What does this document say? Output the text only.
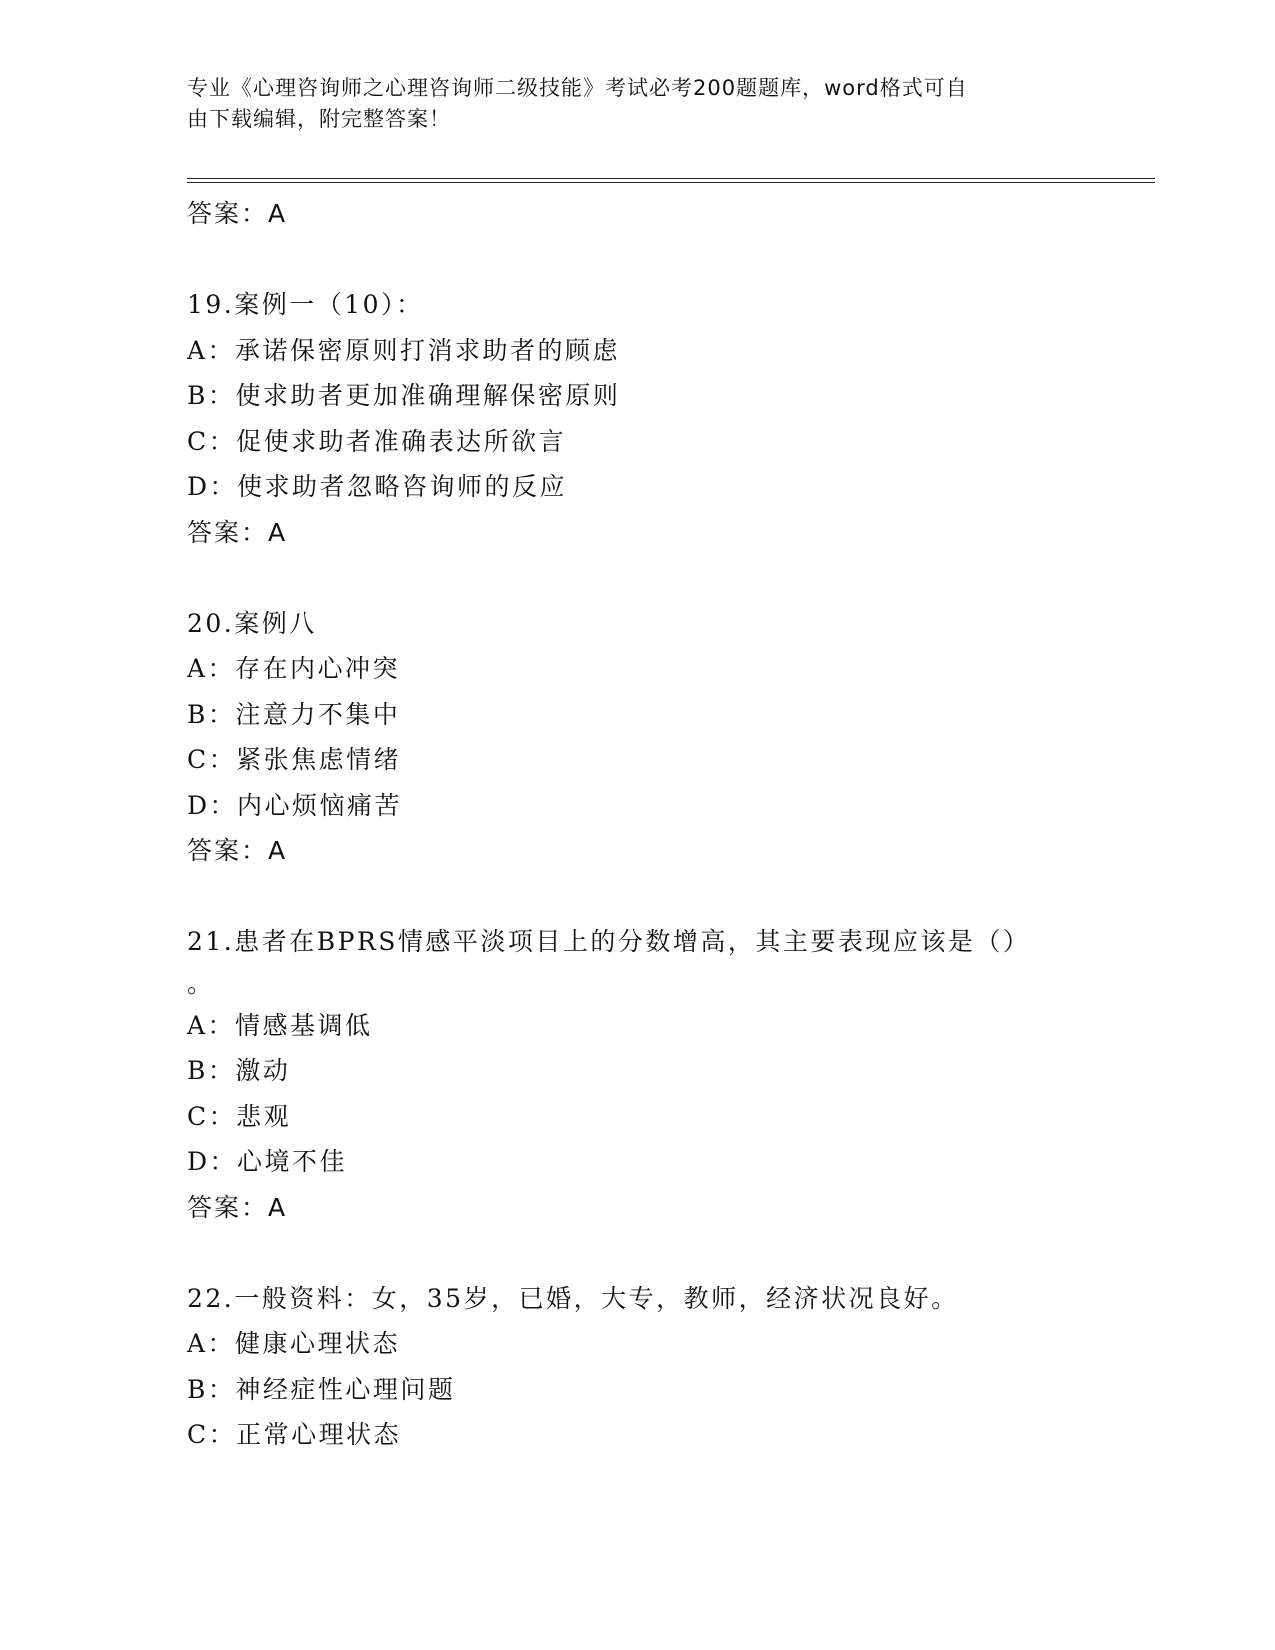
专业《心理咨询师之心理咨询师二级技能》考试必考200题题库，word格式可自
由下载编辑，附完整答案！
答案：A
19.案例一（10）：
A：承诺保密原则打消求助者的顾虑
B：使求助者更加准确理解保密原则
C：促使求助者准确表达所欲言
D：使求助者忽略咨询师的反应
答案：A
20.案例八
A：存在内心冲突
B：注意力不集中
C：紧张焦虑情绪
D：内心烦恼痛苦
答案：A
21.患者在BPRS情感平淡项目上的分数增高，其主要表现应该是（）
。
A：情感基调低
B：激动
C：悲观
D：心境不佳
答案：A
22.一般资料：女，35岁，已婚，大专，教师，经济状况良好。
A：健康心理状态
B：神经症性心理问题
C：正常心理状态
